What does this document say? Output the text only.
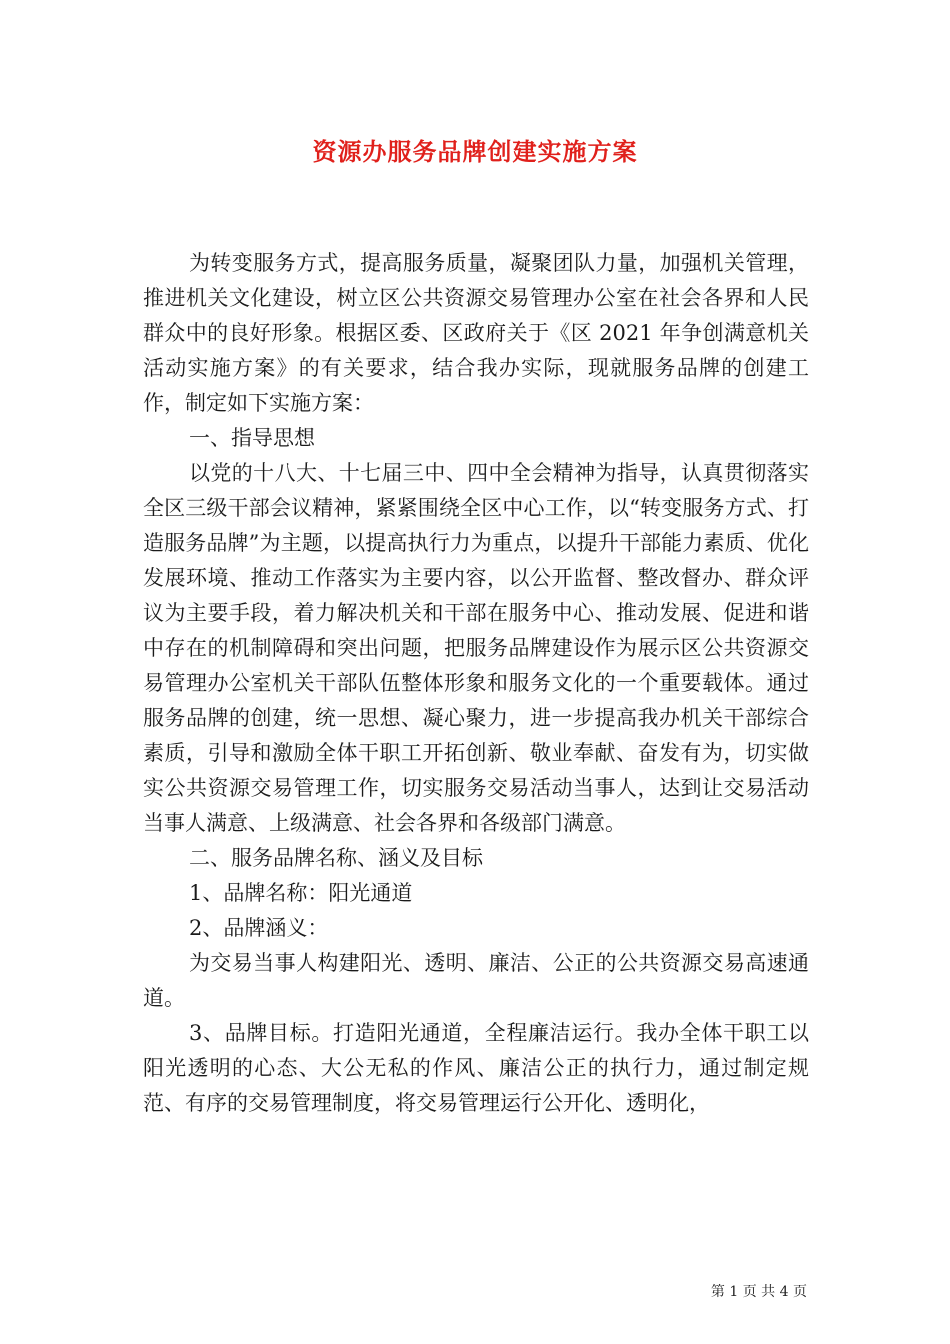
资源办服务品牌创建实施方案

为转变服务方式，提高服务质量，凝聚团队力量，加强机关管理，推进机关文化建设，树立区公共资源交易管理办公室在社会各界和人民群众中的良好形象。根据区委、区政府关于《区 2021 年争创满意机关活动实施方案》的有关要求，结合我办实际，现就服务品牌的创建工作，制定如下实施方案：

一、指导思想

以党的十八大、十七届三中、四中全会精神为指导，认真贯彻落实全区三级干部会议精神，紧紧围绕全区中心工作，以“转变服务方式、打造服务品牌”为主题，以提高执行力为重点，以提升干部能力素质、优化发展环境、推动工作落实为主要内容，以公开监督、整改督办、群众评议为主要手段，着力解决机关和干部在服务中心、推动发展、促进和谐中存在的机制障碍和突出问题，把服务品牌建设作为展示区公共资源交易管理办公室机关干部队伍整体形象和服务文化的一个重要载体。通过服务品牌的创建，统一思想、凝心聚力，进一步提高我办机关干部综合素质，引导和激励全体干职工开拓创新、敬业奉献、奋发有为，切实做实公共资源交易管理工作，切实服务交易活动当事人，达到让交易活动当事人满意、上级满意、社会各界和各级部门满意。

二、服务品牌名称、涵义及目标

1、品牌名称：阳光通道

2、品牌涵义：

为交易当事人构建阳光、透明、廉洁、公正的公共资源交易高速通道。

3、品牌目标。打造阳光通道，全程廉洁运行。我办全体干职工以阳光透明的心态、大公无私的作风、廉洁公正的执行力，通过制定规范、有序的交易管理制度，将交易管理运行公开化、透明化，

第 1 页 共 4 页
